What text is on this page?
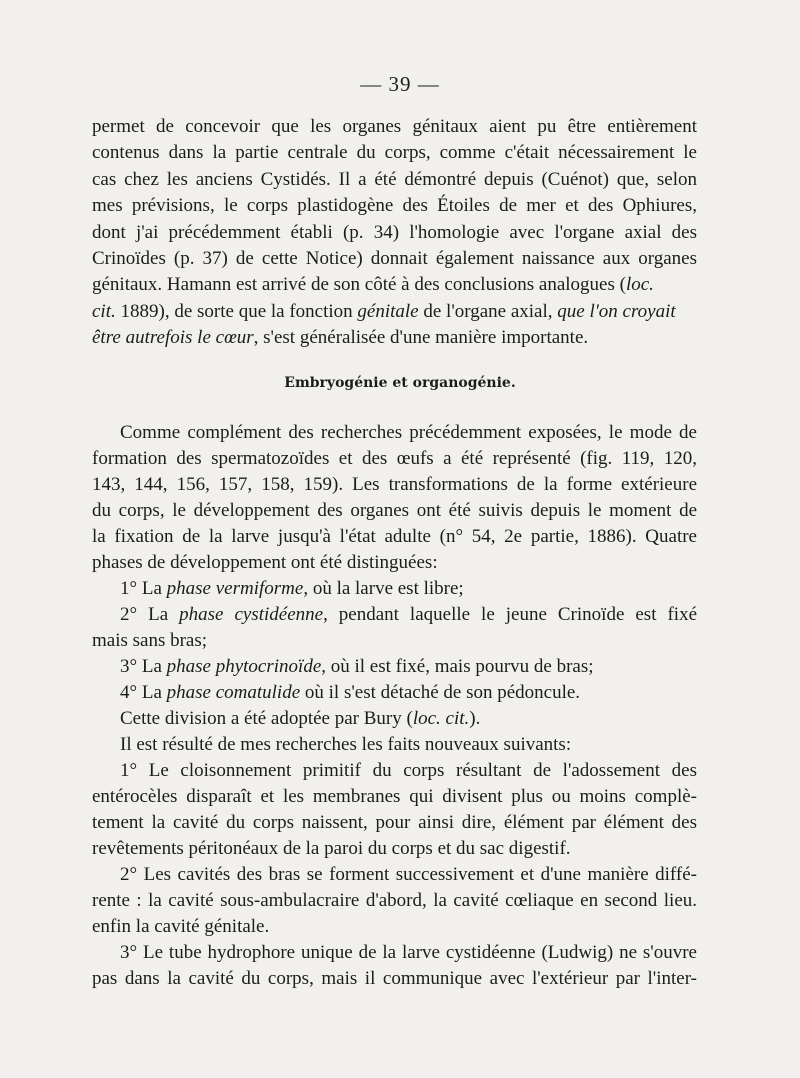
— 39 —
permet de concevoir que les organes génitaux aient pu être entièrement
contenus dans la partie centrale du corps, comme c'était nécessairement le
cas chez les anciens Cystidés. Il a été démontré depuis (Cuénot) que, selon
mes prévisions, le corps plastidogène des Étoiles de mer et des Ophiures,
dont j'ai précédemment établi (p. 34) l'homologie avec l'organe axial des
Crinoïdes (p. 37) de cette Notice) donnait également naissance aux organes
génitaux. Hamann est arrivé de son côté à des conclusions analogues (loc.
cit. 1889), de sorte que la fonction génitale de l'organe axial, que l'on croyait
être autrefois le cœur, s'est généralisée d'une manière importante.
Embryogénie et organogénie.
Comme complément des recherches précédemment exposées, le mode de
formation des spermatozoïdes et des œufs a été représenté (fig. 119, 120,
143, 144, 156, 157, 158, 159). Les transformations de la forme extérieure
du corps, le développement des organes ont été suivis depuis le moment de
la fixation de la larve jusqu'à l'état adulte (n° 54, 2e partie, 1886). Quatre
phases de développement ont été distinguées:
1° La phase vermiforme, où la larve est libre;
2° La phase cystidéenne, pendant laquelle le jeune Crinoïde est fixé
mais sans bras;
3° La phase phytocrinoïde, où il est fixé, mais pourvu de bras;
4° La phase comatulide où il s'est détaché de son pédoncule.
Cette division a été adoptée par Bury (loc. cit.).
Il est résulté de mes recherches les faits nouveaux suivants:
1° Le cloisonnement primitif du corps résultant de l'adossement des
entérocèles disparaît et les membranes qui divisent plus ou moins complè-
tement la cavité du corps naissent, pour ainsi dire, élément par élément des
revêtements péritonéaux de la paroi du corps et du sac digestif.
2° Les cavités des bras se forment successivement et d'une manière diffé-
rente : la cavité sous-ambulacraire d'abord, la cavité cœliaque en second lieu.
enfin la cavité génitale.
3° Le tube hydrophore unique de la larve cystidéenne (Ludwig) ne s'ouvre
pas dans la cavité du corps, mais il communique avec l'extérieur par l'inter-
